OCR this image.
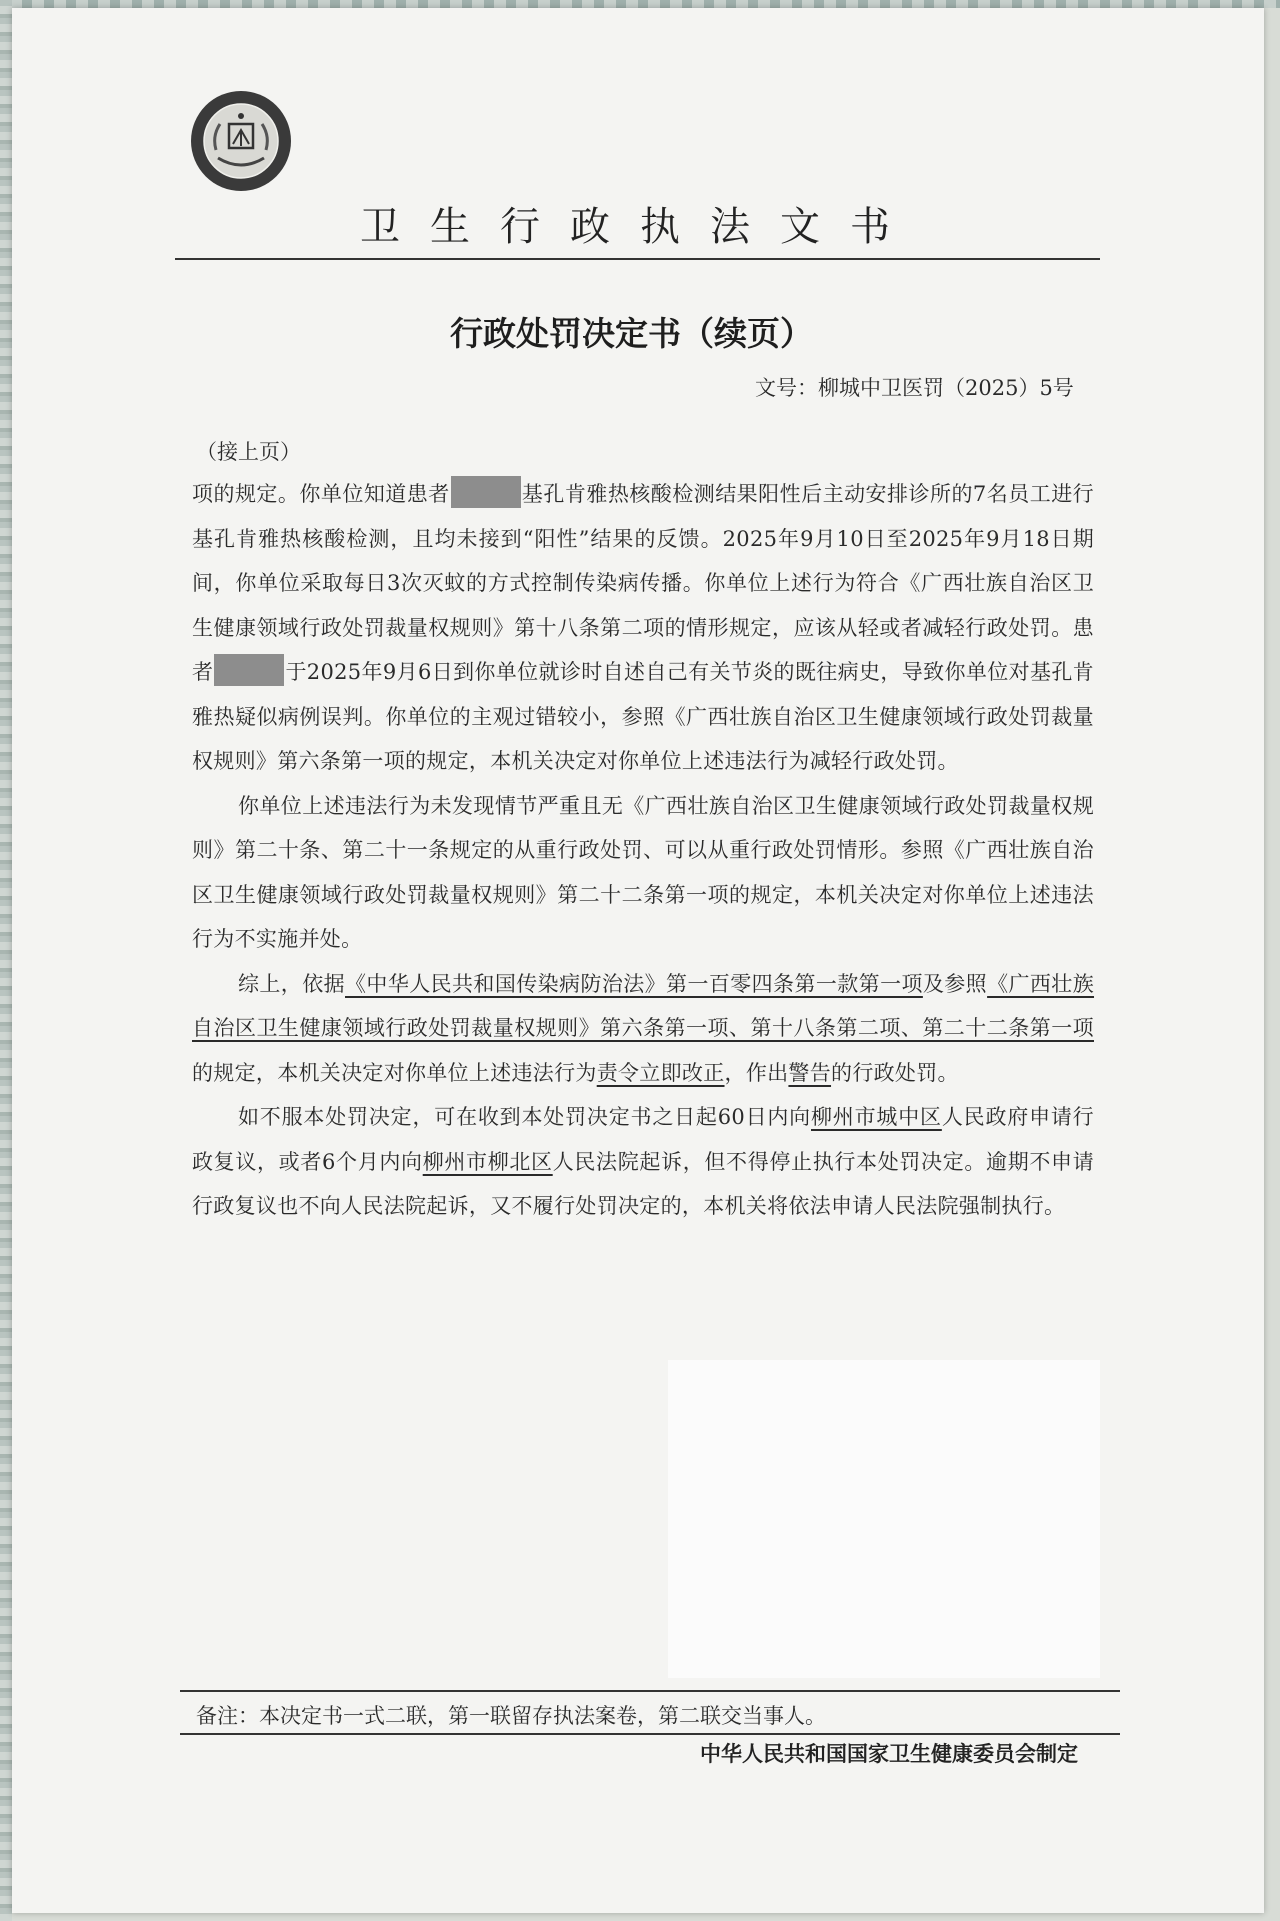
卫生行政执法文书
行政处罚决定书（续页）
文号：柳城中卫医罚（2025）5号
（接上页）

项的规定。你单位知道患者	基孔肯雅热核酸检测结果阳性后主动安排诊所的7名员工进行基孔肯雅热核酸检测，且均未接到“阳性”结果的反馈。2025年9月10日至2025年9月18日期间，你单位采取每日3次灭蚊的方式控制传染病传播。你单位上述行为符合《广西壮族自治区卫生健康领域行政处罚裁量权规则》第十八条第二项的情形规定，应该从轻或者减轻行政处罚。患者	于2025年9月6日到你单位就诊时自述自己有关节炎的既往病史，导致你单位对基孔肯雅热疑似病例误判。你单位的主观过错较小，参照《广西壮族自治区卫生健康领域行政处罚裁量权规则》第六条第一项的规定，本机关决定对你单位上述违法行为减轻行政处罚。

你单位上述违法行为未发现情节严重且无《广西壮族自治区卫生健康领域行政处罚裁量权规则》第二十条、第二十一条规定的从重行政处罚、可以从重行政处罚情形。参照《广西壮族自治区卫生健康领域行政处罚裁量权规则》第二十二条第一项的规定，本机关决定对你单位上述违法行为不实施并处。

综上，依据《中华人民共和国传染病防治法》第一百零四条第一款第一项及参照《广西壮族自治区卫生健康领域行政处罚裁量权规则》第六条第一项、第十八条第二项、第二十二条第一项的规定，本机关决定对你单位上述违法行为责令立即改正，作出警告的行政处罚。

如不服本处罚决定，可在收到本处罚决定书之日起60日内向柳州市城中区人民政府申请行政复议，或者6个月内向柳州市柳北区人民法院起诉，但不得停止执行本处罚决定。逾期不申请行政复议也不向人民法院起诉，又不履行处罚决定的，本机关将依法申请人民法院强制执行。

备注：本决定书一式二联，第一联留存执法案卷，第二联交当事人。
中华人民共和国国家卫生健康委员会制定
